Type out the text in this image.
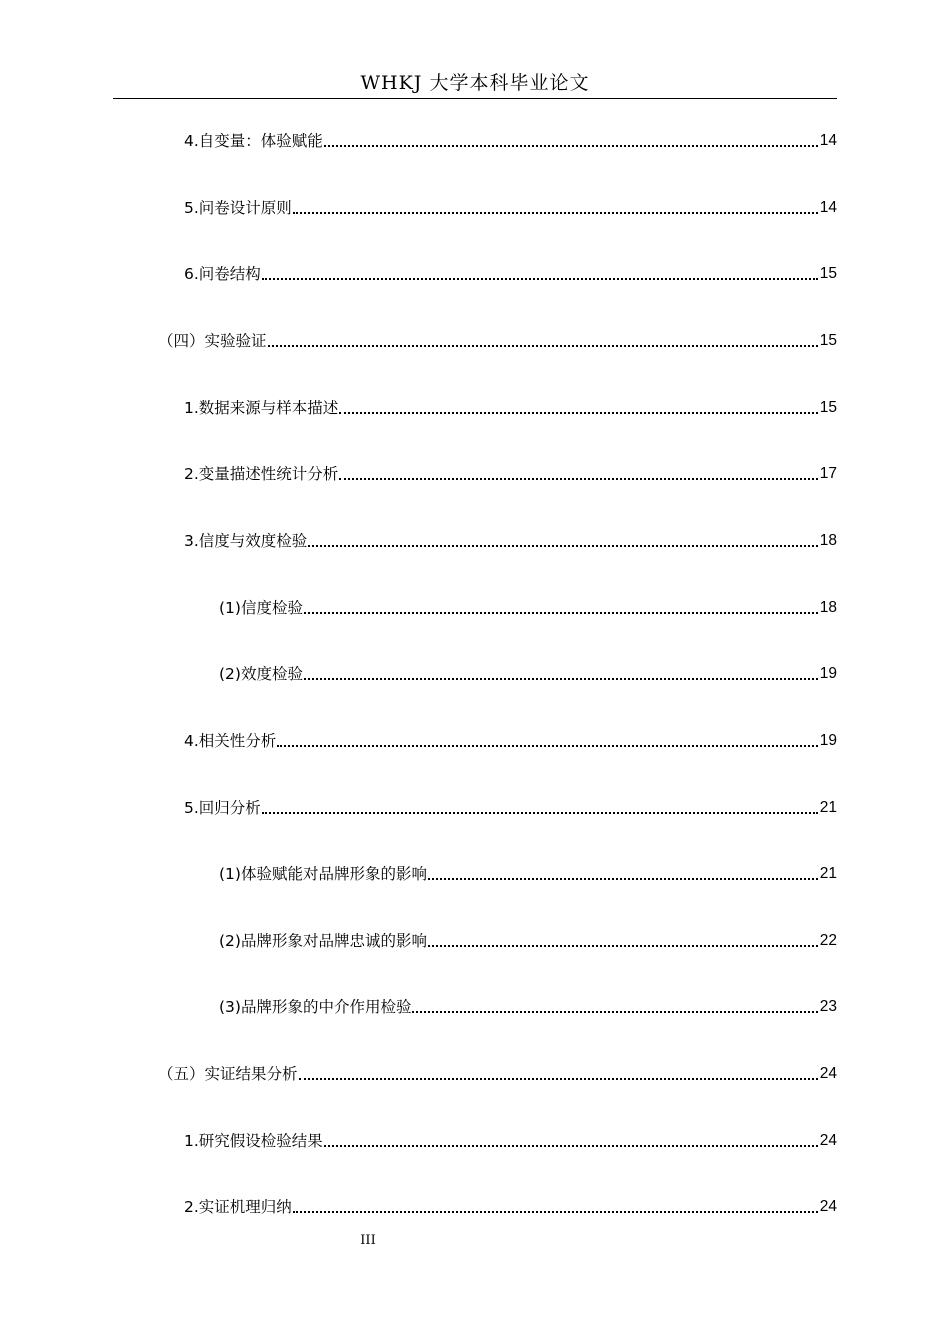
WHKJ 大学本科毕业论文
4.自变量：体验赋能	14
5.问卷设计原则	14
6.问卷结构	15
（四）实验验证	15
1.数据来源与样本描述	15
2.变量描述性统计分析	17
3.信度与效度检验	18
(1)信度检验	18
(2)效度检验	19
4.相关性分析	19
5.回归分析	21
(1)体验赋能对品牌形象的影响	21
(2)品牌形象对品牌忠诚的影响	22
(3)品牌形象的中介作用检验	23
（五）实证结果分析	24
1.研究假设检验结果	24
2.实证机理归纳	24
III
